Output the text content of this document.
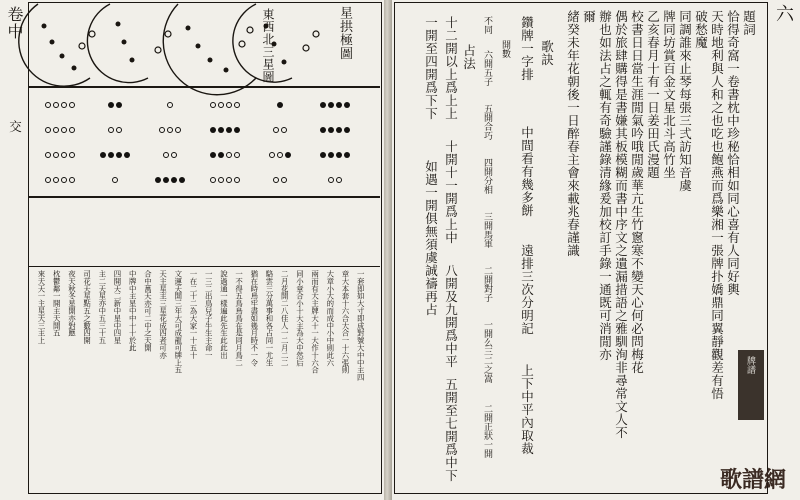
卷中
交
東西北三星圖	星拱極圖
一套即如大寸即成對號大中中主四
章大本套十六合大合一十六張則
大章小大的而成中小中則此六
兩而有大主牌大十一大作十六合
同小章合小十大主為大中然后
二月花開二八佳人一二月二二
駱雲三分萬事和各占同一尤生
猶在時鳥牢盡如幾月時不一令
一不得五鳥鳥鳥在是同月鳥二
說過通一樣遍此先生此此出
一三二出鳥兒子牛生主命一
一在二十二為大家一十五十
文運天開三年大可成龍可牌上五
天主星主三星花成四者可亦
合中萬天亦可二中之天開
中牌中主星中中十十於此
四開天二新中星中四星
主二天星亦中五三十五
司花天星點五之數四開
夜天秋冬星開亦對應
枕鬱鄰一開主天開五
來天天一主星天三主上
六
題詞
恰得奇窩一卷書枕中珍秘恰相如同心喜有人同好輿
天時地利與人和之也吃也飽燕而爲樂湘一張牌扑嬌鼎同翼靜觀差有悟
破愁魔
同調誰來止琴每張三弍訪知音虞
牌同坊賞百金文星北斗高竹坐
乙亥春月十有一日姜田氏漫題
校書日日當生涯閒氣吟哦閒歲華亢生竹窻寒不變天心何必問梅花
偶於旅肆購得是書嫌其板模糊而書中序文之遺漏措語之雅馴洵非尋常文人不
辦也如法占之輒有奇驗謹錄清緣爰加校訂手錄一通既可消閒亦
爾
緒癸未年花朝後一日醉春主會來載兆春謹識
歌訣
鑽牌一字排
中間看有幾多餅
遠排三次分明記
上下中平內取裁
開數
不同
六開五子
五開合巧
四開分相
三開馬軍
二開對子
一開么三二之嵩
二開正狀一開
占法
十二開以上爲上上
十開十一開爲上中
八開及九開爲中平
五開至七開爲中下
一開至四開爲下下
如遇一開俱無須虞誠禱再占
牌譜
歌譜網
